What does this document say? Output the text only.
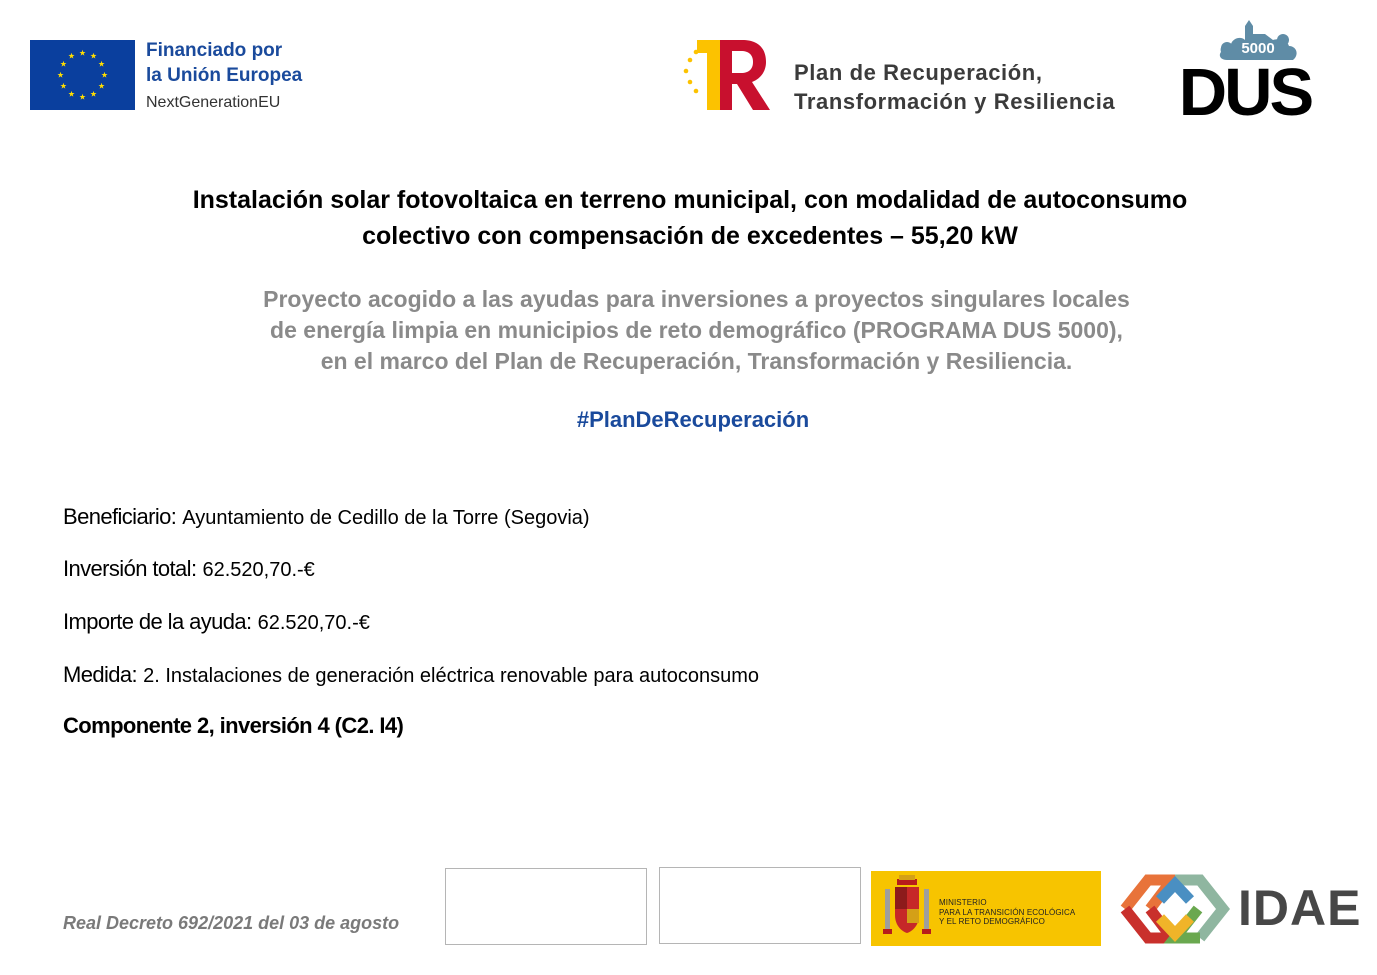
Financiado por
la Unión Europea
NextGenerationEU
Plan de Recuperación,
Transformación y Resiliencia
5000
DUS
Instalación solar fotovoltaica en terreno municipal, con modalidad de autoconsumo
colectivo con compensación de excedentes – 55,20 kW
Proyecto acogido a las ayudas para inversiones a proyectos singulares locales
de energía limpia en municipios de reto demográfico (PROGRAMA DUS 5000),
en el marco del Plan de Recuperación, Transformación y Resiliencia.
#PlanDeRecuperación
Beneficiario: Ayuntamiento de Cedillo de la Torre (Segovia)
Inversión total: 62.520,70.-€
Importe de la ayuda: 62.520,70.-€
Medida: 2. Instalaciones de generación eléctrica renovable para autoconsumo
Componente 2, inversión 4 (C2. I4)
Real Decreto 692/2021 del 03 de agosto
MINISTERIO
PARA LA TRANSICIÓN ECOLÓGICA
Y EL RETO DEMOGRÁFICO	IDAE
